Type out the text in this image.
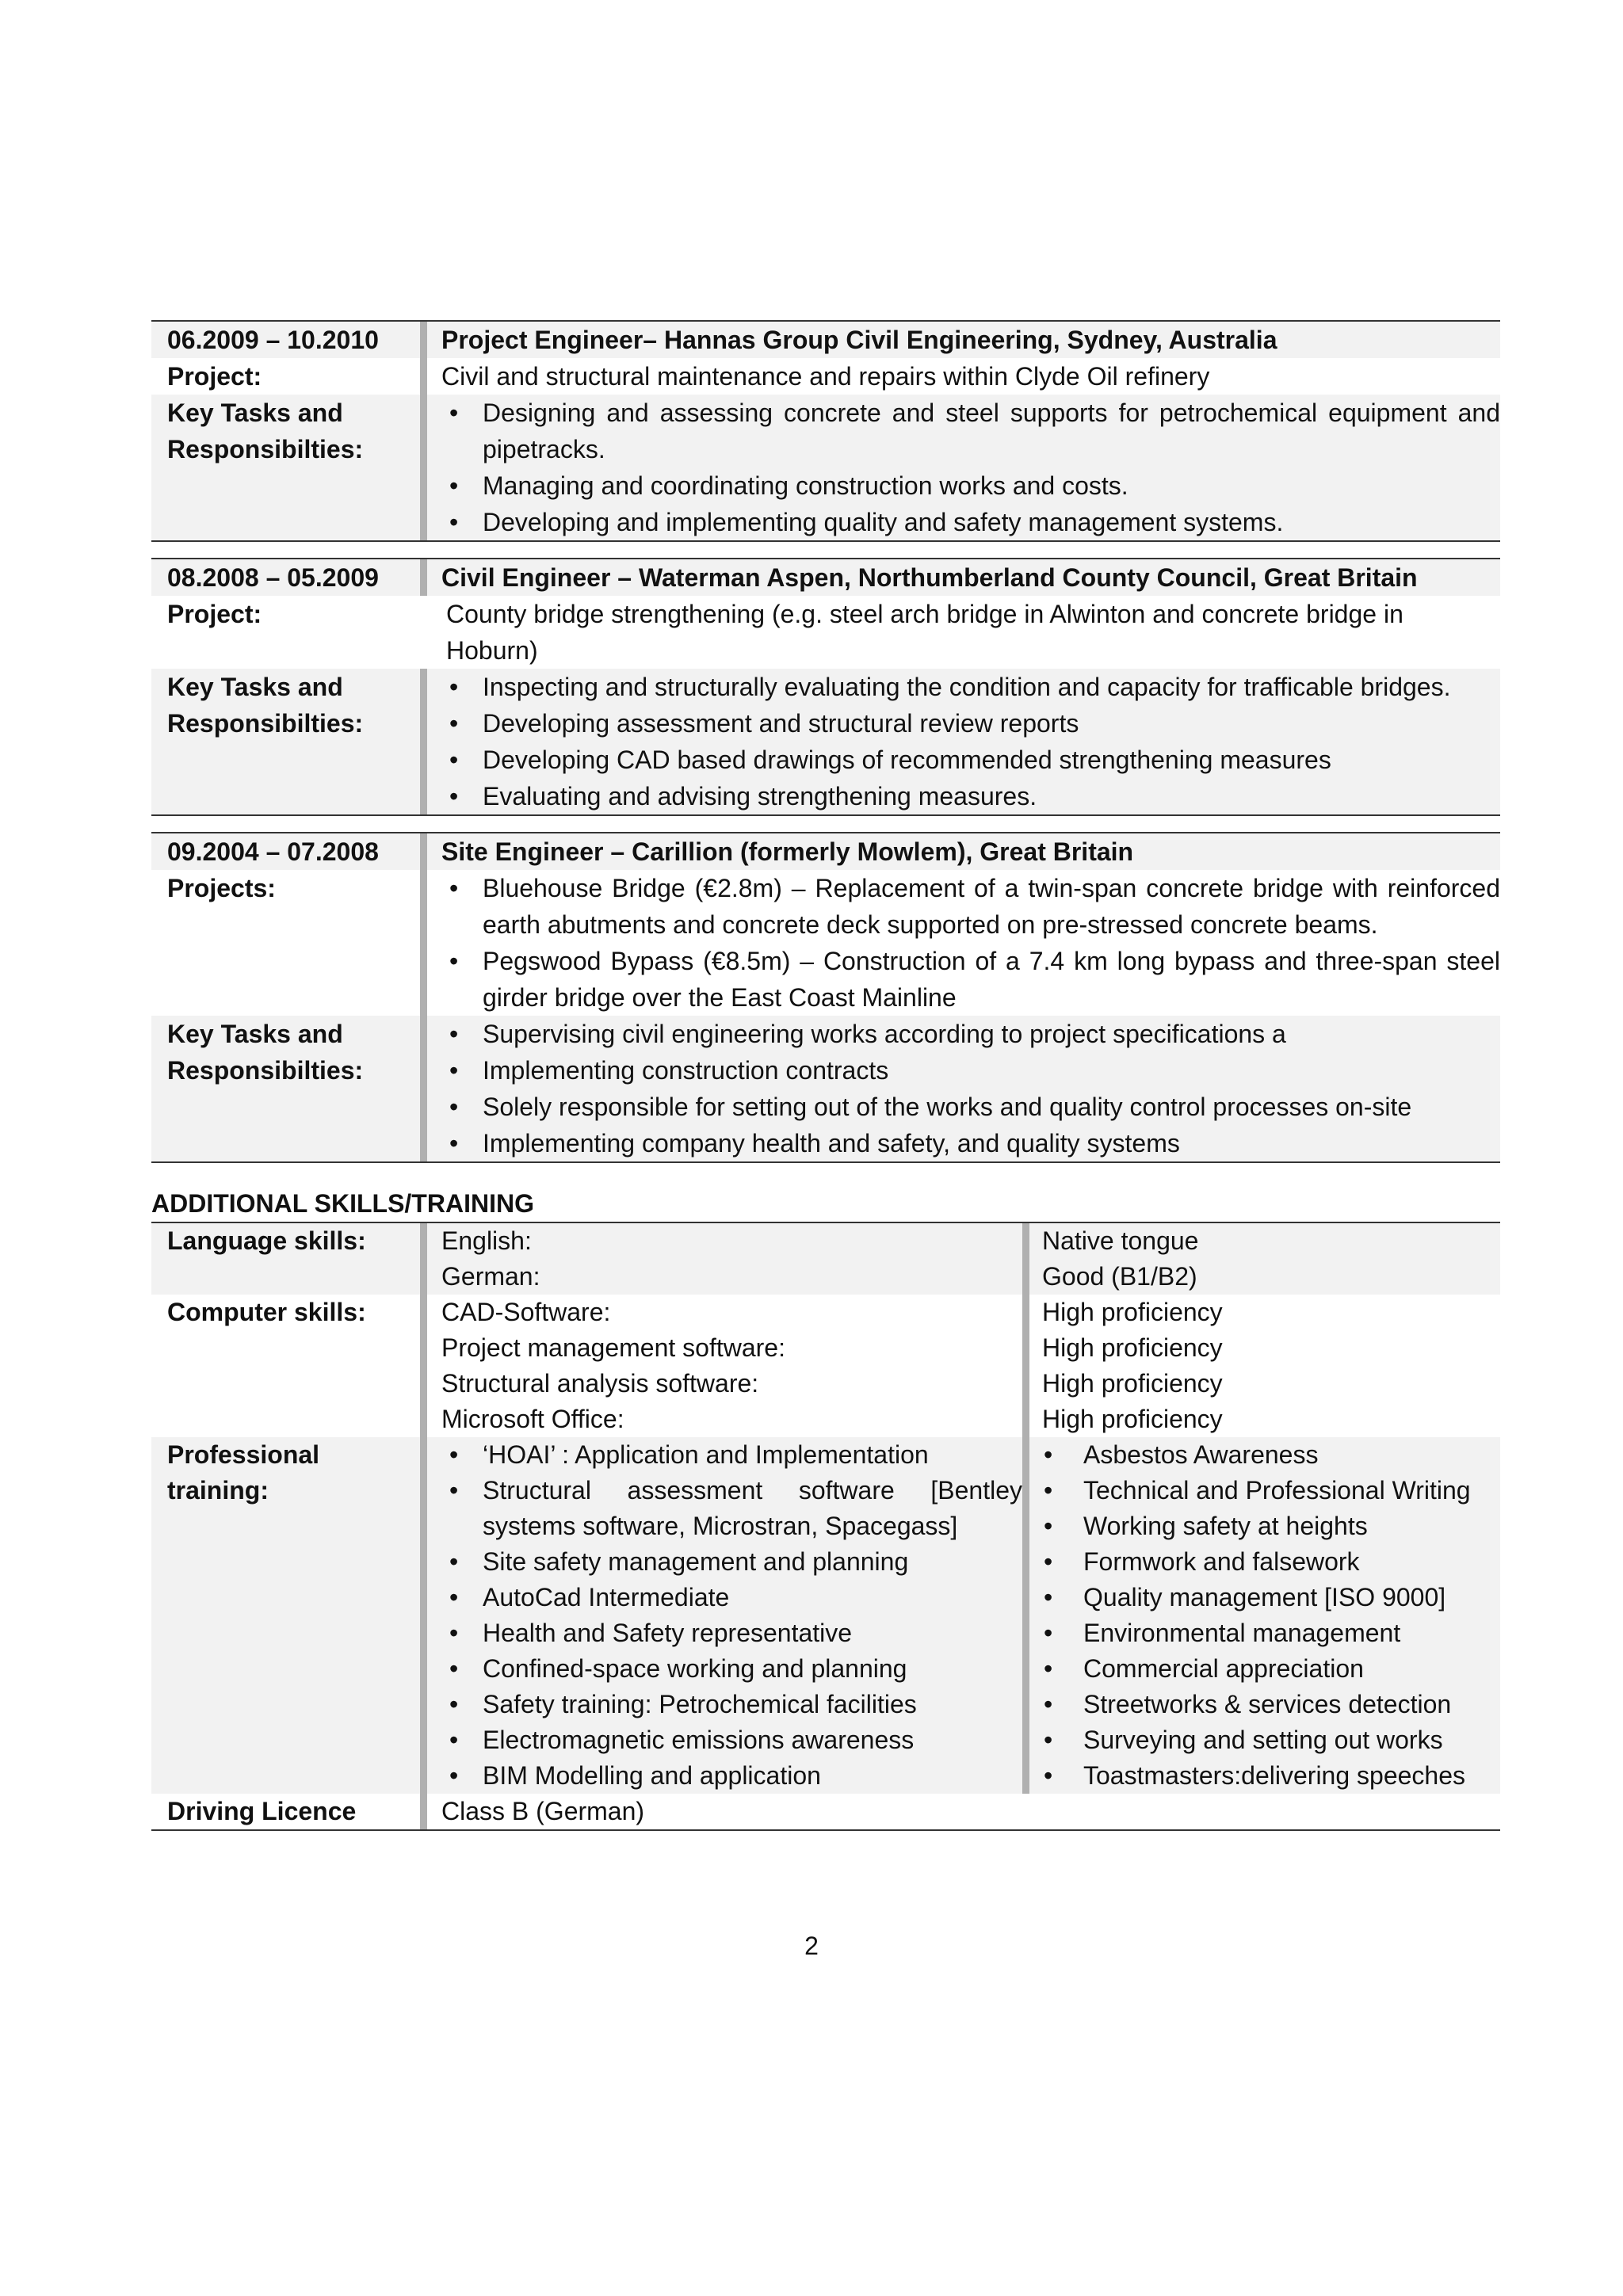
06.2009 – 10.2010	Project Engineer– Hannas Group Civil Engineering, Sydney, Australia
Project:	Civil and structural maintenance and repairs within Clyde Oil refinery
Key Tasks and
Responsibilties:
• Designing and assessing concrete and steel supports for petrochemical equipment and pipetracks.
• Managing and coordinating construction works and costs.
• Developing and implementing quality and safety management systems.
08.2008 – 05.2009	Civil Engineer – Waterman Aspen, Northumberland County Council, Great Britain
Project:	County bridge strengthening (e.g. steel arch bridge in Alwinton and concrete bridge in Hoburn)
Key Tasks and
Responsibilties:
• Inspecting and structurally evaluating the condition and capacity for trafficable bridges.
• Developing assessment and structural review reports
• Developing CAD based drawings of recommended strengthening measures
• Evaluating and advising strengthening measures.
09.2004 – 07.2008	Site Engineer – Carillion (formerly Mowlem), Great Britain
Projects:
•	Bluehouse Bridge (€2.8m) – Replacement of a twin-span concrete bridge with reinforced earth abutments and concrete deck supported on pre-stressed concrete beams.
• Pegswood Bypass (€8.5m) – Construction of a 7.4 km long bypass and three-span steel girder bridge over the East Coast Mainline
Key Tasks and
Responsibilties:
• Supervising civil engineering works according to project specifications a
• Implementing construction contracts
• Solely responsible for setting out of the works and quality control processes on-site
• Implementing company health and safety, and quality systems
ADDITIONAL SKILLS/TRAINING
Language skills:	English:
German:
Native tongue
Good (B1/B2)
Computer skills:	CAD-Software:
Project management software:
Structural analysis software:
Microsoft Office:
High proficiency
High proficiency
High proficiency
High proficiency
Professional
training:
• ‘HOAI’ : Application and Implementation
• Structural assessment software [Bentley systems software, Microstran, Spacegass]
• Site safety management and planning
• AutoCad Intermediate
• Health and Safety representative
• Confined-space working and planning
• Safety training: Petrochemical facilities
• Electromagnetic emissions awareness
• BIM Modelling and application
• Asbestos Awareness
• Technical and Professional Writing
• Working safety at heights
• Formwork and falsework
• Quality management [ISO 9000]
• Environmental management
• Commercial appreciation
• Streetworks & services detection
• Surveying and setting out works
• Toastmasters:delivering speeches
Driving Licence	Class B (German)
2
